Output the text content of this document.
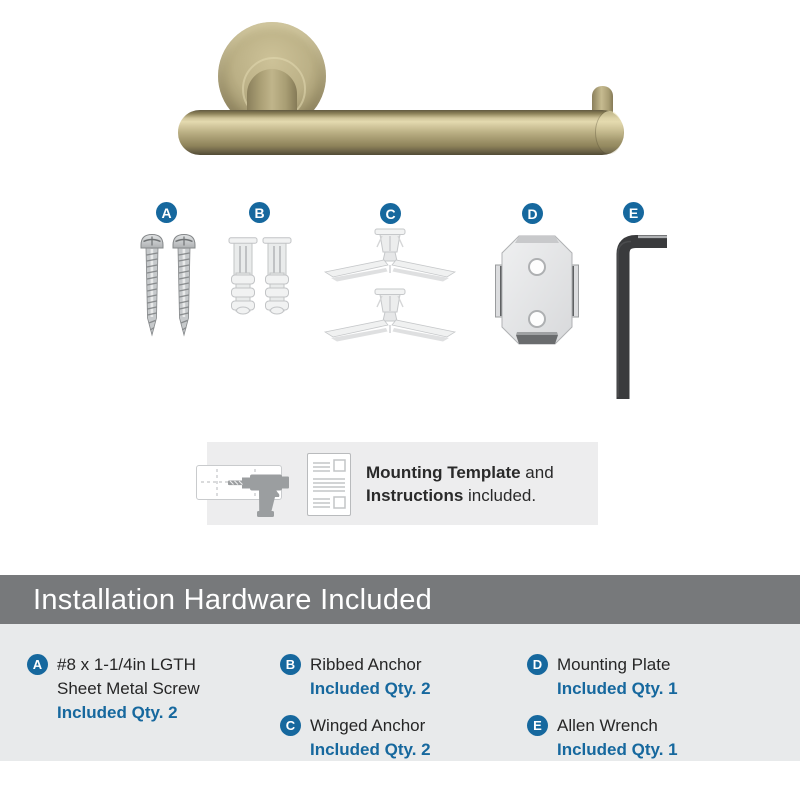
A	B	C	D	E
Mounting Template and
Instructions included.
Installation Hardware Included
A #8 x 1-1/4in LGTH
Sheet Metal Screw
Included Qty. 2
B Ribbed Anchor
Included Qty. 2
C Winged Anchor
Included Qty. 2
D Mounting Plate
Included Qty. 1
E Allen Wrench
Included Qty. 1
